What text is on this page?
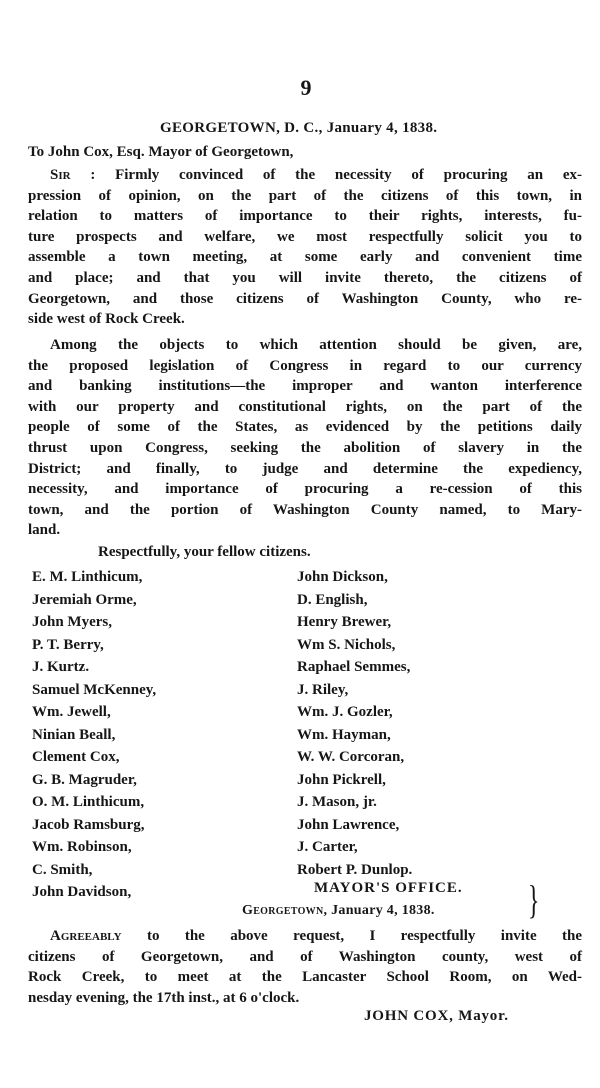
9
GEORGETOWN, D. C., January 4, 1838.
To John Cox, Esq. Mayor of Georgetown,
Sir : Firmly convinced of the necessity of procuring an ex-
pression of opinion, on the part of the citizens of this town, in
relation to matters of importance to their rights, interests, fu-
ture prospects and welfare, we most respectfully solicit you to
assemble a town meeting, at some early and convenient time
and place; and that you will invite thereto, the citizens of
Georgetown, and those citizens of Washington County, who re-
side west of Rock Creek.
Among the objects to which attention should be given, are,
the proposed legislation of Congress in regard to our currency
and banking institutions—the improper and wanton interference
with our property and constitutional rights, on the part of the
people of some of the States, as evidenced by the petitions daily
thrust upon Congress, seeking the abolition of slavery in the
District; and finally, to judge and determine the expediency,
necessity, and importance of procuring a re-cession of this
town, and the portion of Washington County named, to Mary-
land.
Respectfully, your fellow citizens.
E. M. Linthicum,
Jeremiah Orme,
John Myers,
P. T. Berry,
J. Kurtz.
Samuel McKenney,
Wm. Jewell,
Ninian Beall,
Clement Cox,
G. B. Magruder,
O. M. Linthicum,
Jacob Ramsburg,
Wm. Robinson,
C. Smith,
John Davidson,
John Dickson,
D. English,
Henry Brewer,
Wm S. Nichols,
Raphael Semmes,
J. Riley,
Wm. J. Gozler,
Wm. Hayman,
W. W. Corcoran,
John Pickrell,
J. Mason, jr.
John Lawrence,
J. Carter,
Robert P. Dunlop.
MAYOR'S OFFICE. }
Georgetown, January 4, 1838.
Agreeably to the above request, I respectfully invite the
citizens of Georgetown, and of Washington county, west of
Rock Creek, to meet at the Lancaster School Room, on Wed-
nesday evening, the 17th inst., at 6 o'clock.
JOHN COX, Mayor.
